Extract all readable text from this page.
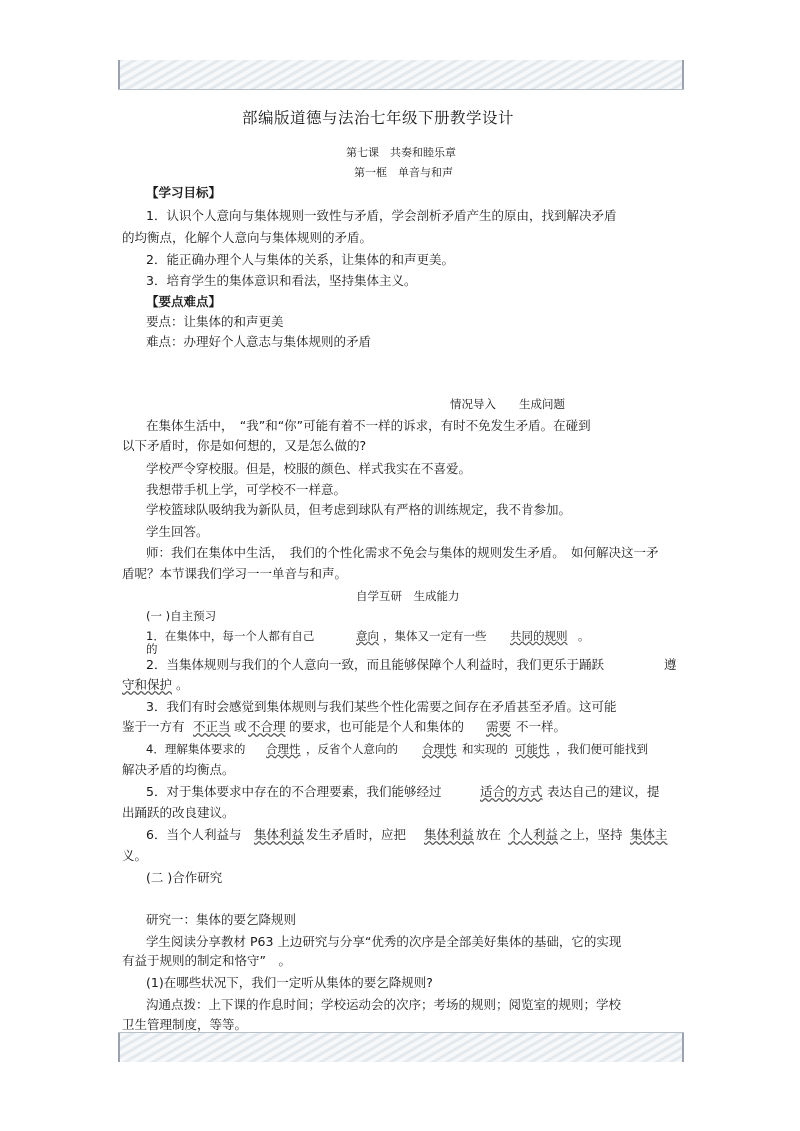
部编版道德与法治七年级下册教学设计
第七课　共奏和睦乐章
第一框　单音与和声
【学习目标】
1．认识个人意向与集体规则一致性与矛盾，学会剖析矛盾产生的原由，找到解决矛盾
的均衡点，化解个人意向与集体规则的矛盾。
2．能正确办理个人与集体的关系，让集体的和声更美。
3．培育学生的集体意识和看法，坚持集体主义。
【要点难点】
要点：让集体的和声更美
难点：办理好个人意志与集体规则的矛盾
情况导入　　生成问题
在集体生活中，　“我”和“你”可能有着不一样的诉求，有时不免发生矛盾。在碰到
以下矛盾时，你是如何想的，又是怎么做的?
学校严令穿校服。但是，校服的颜色、样式我实在不喜爱。
我想带手机上学，可学校不一样意。
学校篮球队吸纳我为新队员，但考虑到球队有严格的训练规定，我不肯参加。
学生回答。
师：我们在集体中生活，　我们的个性化需求不免会与集体的规则发生矛盾。　如何解决这一矛
盾呢？本节课我们学习一一单音与和声。
自学互研　生成能力
(一 )自主预习
1．在集体中，每一个人都有自己	意向 ，集体又一定有一些 共同的规则 。
的
2．当集体规则与我们的个人意向一致，而且能够保障个人利益时，我们更乐于踊跃	遵
守和保护 。
3．我们有时会感觉到集体规则与我们某些个性化需要之间存在矛盾甚至矛盾。这可能
鉴于一方有 不正当 或 不合理 的要求，也可能是个人和集体的 需要 不一样。
4．理解集体要求的 合理性 ，反省个人意向的 合理性 和实现的 可能性 ，我们便可能找到
解决矛盾的均衡点。
5．对于集体要求中存在的不合理要素，我们能够经过	适合的方式 表达自己的建议，提
出踊跃的改良建议。
6．当个人利益与 集体利益 发生矛盾时，应把 集体利益 放在 个人利益 之上，坚持 集体主
义。
(二 )合作研究
研究一：集体的要乞降规则
学生阅读分享教材 P63 上边研究与分享“优秀的次序是全部美好集体的基础，它的实现
有益于规则的制定和恪守”　。
(1)在哪些状况下，我们一定听从集体的要乞降规则?
沟通点拨：上下课的作息时间；学校运动会的次序；考场的规则；阅览室的规则；学校
卫生管理制度，等等。
